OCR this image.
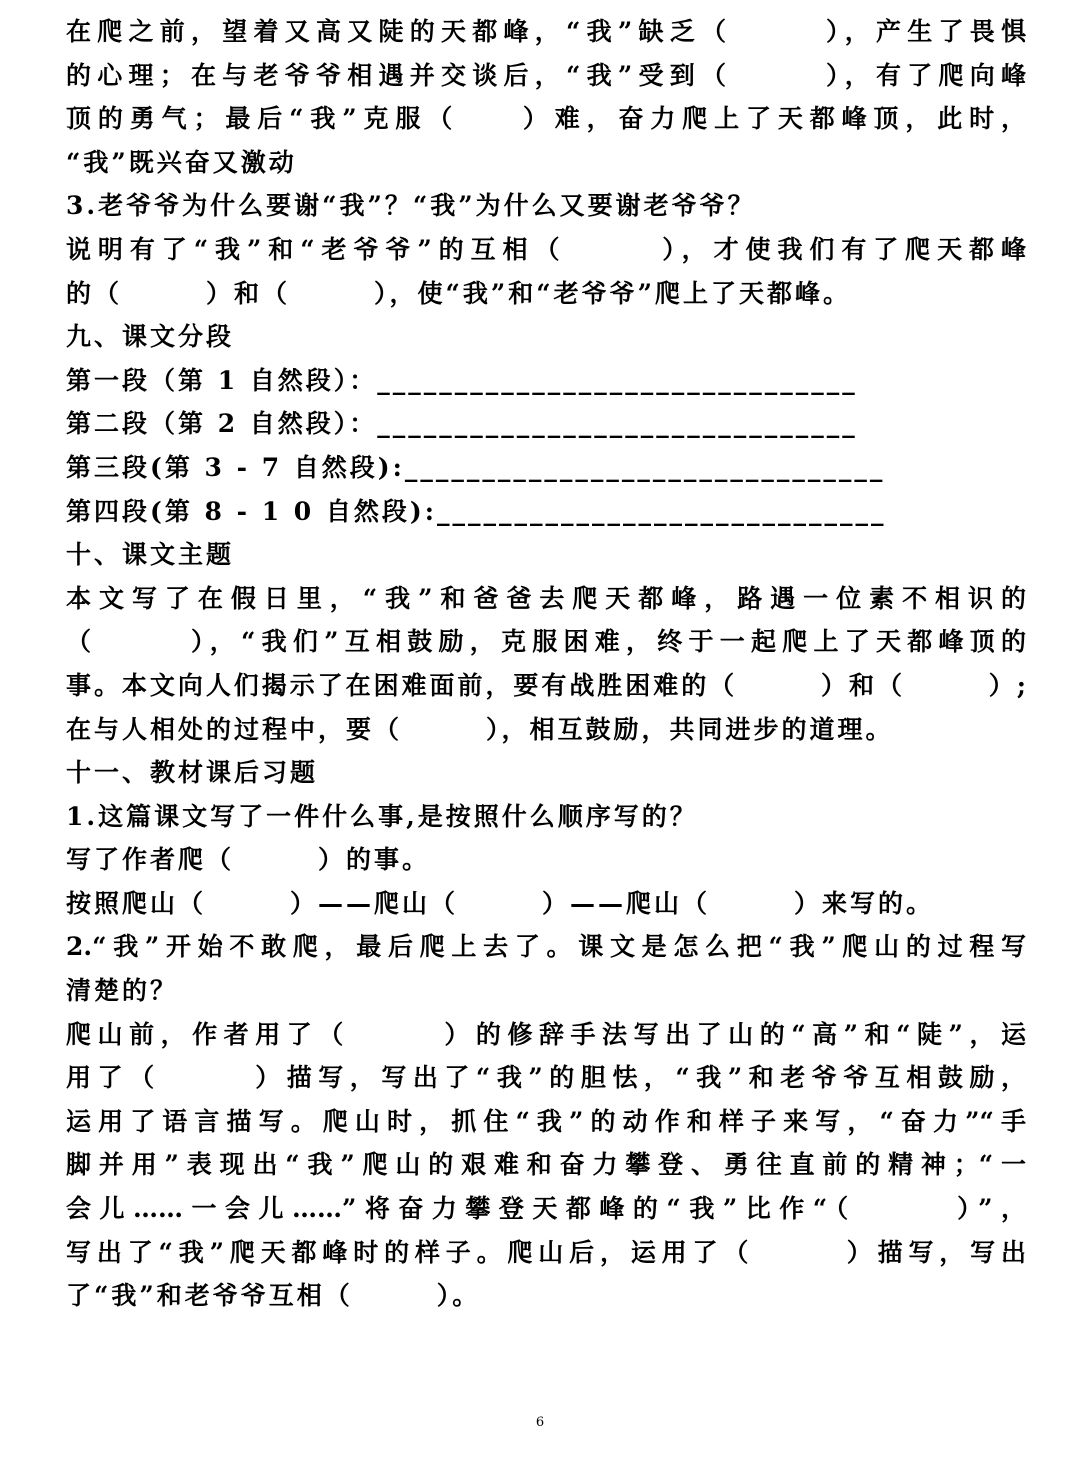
在爬之前，望着又高又陡的天都峰，“我”缺乏（　　　），产生了畏惧
的心理；在与老爷爷相遇并交谈后，“我”受到（　　　），有了爬向峰
顶的勇气；最后“我”克服（　　）难，奋力爬上了天都峰顶，此时，
“我”既兴奋又激动
3.老爷爷为什么要谢“我”？“我”为什么又要谢老爷爷？
说明有了“我”和“老爷爷”的互相（　　　），才使我们有了爬天都峰
的（　　　）和（　　　），使“我”和“老爷爷”爬上了天都峰。
九、课文分段
第一段（第 1 自然段）：_______________________________
第二段（第 2 自然段）：_______________________________
第三段(第 3 - 7 自然段):_______________________________
第四段(第 8 - 1 0 自然段):_____________________________
十、课文主题
本文写了在假日里，“我”和爸爸去爬天都峰，路遇一位素不相识的
（　　　），“我们”互相鼓励，克服困难，终于一起爬上了天都峰顶的
事。本文向人们揭示了在困难面前，要有战胜困难的（　　　）和（　　　）;
在与人相处的过程中，要（　　　），相互鼓励，共同进步的道理。
十一、教材课后习题
1.这篇课文写了一件什么事,是按照什么顺序写的？
写了作者爬（　　　）的事。
按照爬山（　　　）——爬山（　　　）——爬山（　　　）来写的。
2.“我”开始不敢爬，最后爬上去了。课文是怎么把“我”爬山的过程写
清楚的？
爬山前，作者用了（　　　）的修辞手法写出了山的“高”和“陡”，运
用了（　　　）描写，写出了“我”的胆怯，“我”和老爷爷互相鼓励，
运用了语言描写。爬山时，抓住“我”的动作和样子来写，“奋力”“手
脚并用”表现出“我”爬山的艰难和奋力攀登、勇往直前的精神；“一
会儿……一会儿……”将奋力攀登天都峰的“我”比作“（　　　）”，
写出了“我”爬天都峰时的样子。爬山后，运用了（　　　）描写，写出
了“我”和老爷爷互相（　　　）。
6
